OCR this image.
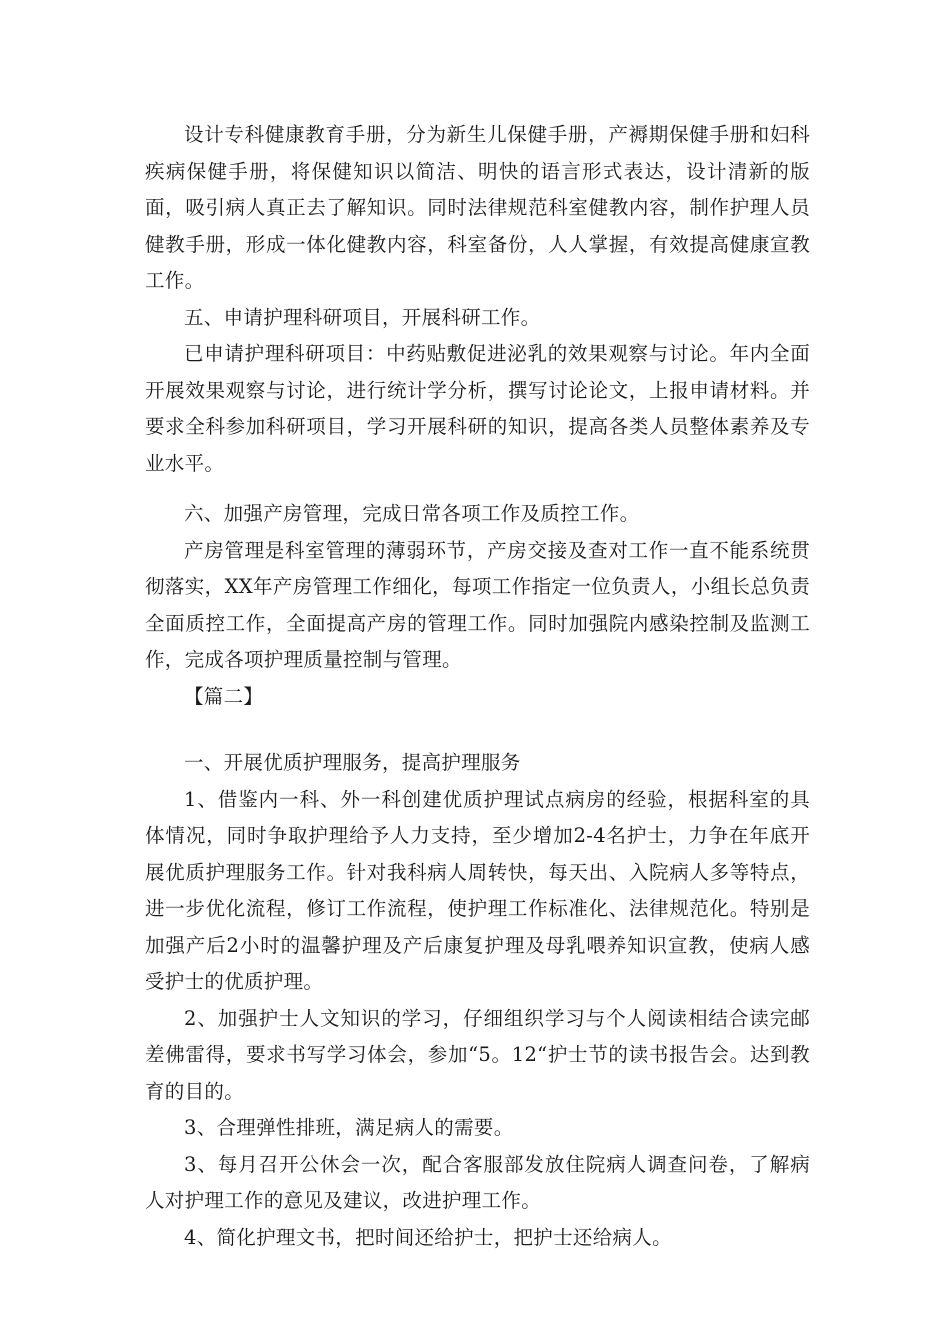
设计专科健康教育手册，分为新生儿保健手册，产褥期保健手册和妇科疾病保健手册，将保健知识以简洁、明快的语言形式表达，设计清新的版面，吸引病人真正去了解知识。同时法律规范科室健教内容，制作护理人员健教手册，形成一体化健教内容，科室备份，人人掌握，有效提高健康宣教工作。

五、申请护理科研项目，开展科研工作。

已申请护理科研项目：中药贴敷促进泌乳的效果观察与讨论。年内全面开展效果观察与讨论，进行统计学分析，撰写讨论论文，上报申请材料。并要求全科参加科研项目，学习开展科研的知识，提高各类人员整体素养及专业水平。

六、加强产房管理，完成日常各项工作及质控工作。

产房管理是科室管理的薄弱环节，产房交接及查对工作一直不能系统贯彻落实，XX年产房管理工作细化，每项工作指定一位负责人，小组长总负责全面质控工作，全面提高产房的管理工作。同时加强院内感染控制及监测工作，完成各项护理质量控制与管理。

【篇二】

一、开展优质护理服务，提高护理服务

1、借鉴内一科、外一科创建优质护理试点病房的经验，根据科室的具体情况，同时争取护理给予人力支持，至少增加2-4名护士，力争在年底开展优质护理服务工作。针对我科病人周转快，每天出、入院病人多等特点，进一步优化流程，修订工作流程，使护理工作标准化、法律规范化。特别是加强产后2小时的温馨护理及产后康复护理及母乳喂养知识宣教，使病人感受护士的优质护理。

2、加强护士人文知识的学习，仔细组织学习与个人阅读相结合读完邮差佛雷得，要求书写学习体会，参加“5。12“护士节的读书报告会。达到教育的目的。

3、合理弹性排班，满足病人的需要。

3、每月召开公休会一次，配合客服部发放住院病人调查问卷，了解病人对护理工作的意见及建议，改进护理工作。

4、简化护理文书，把时间还给护士，把护士还给病人。
